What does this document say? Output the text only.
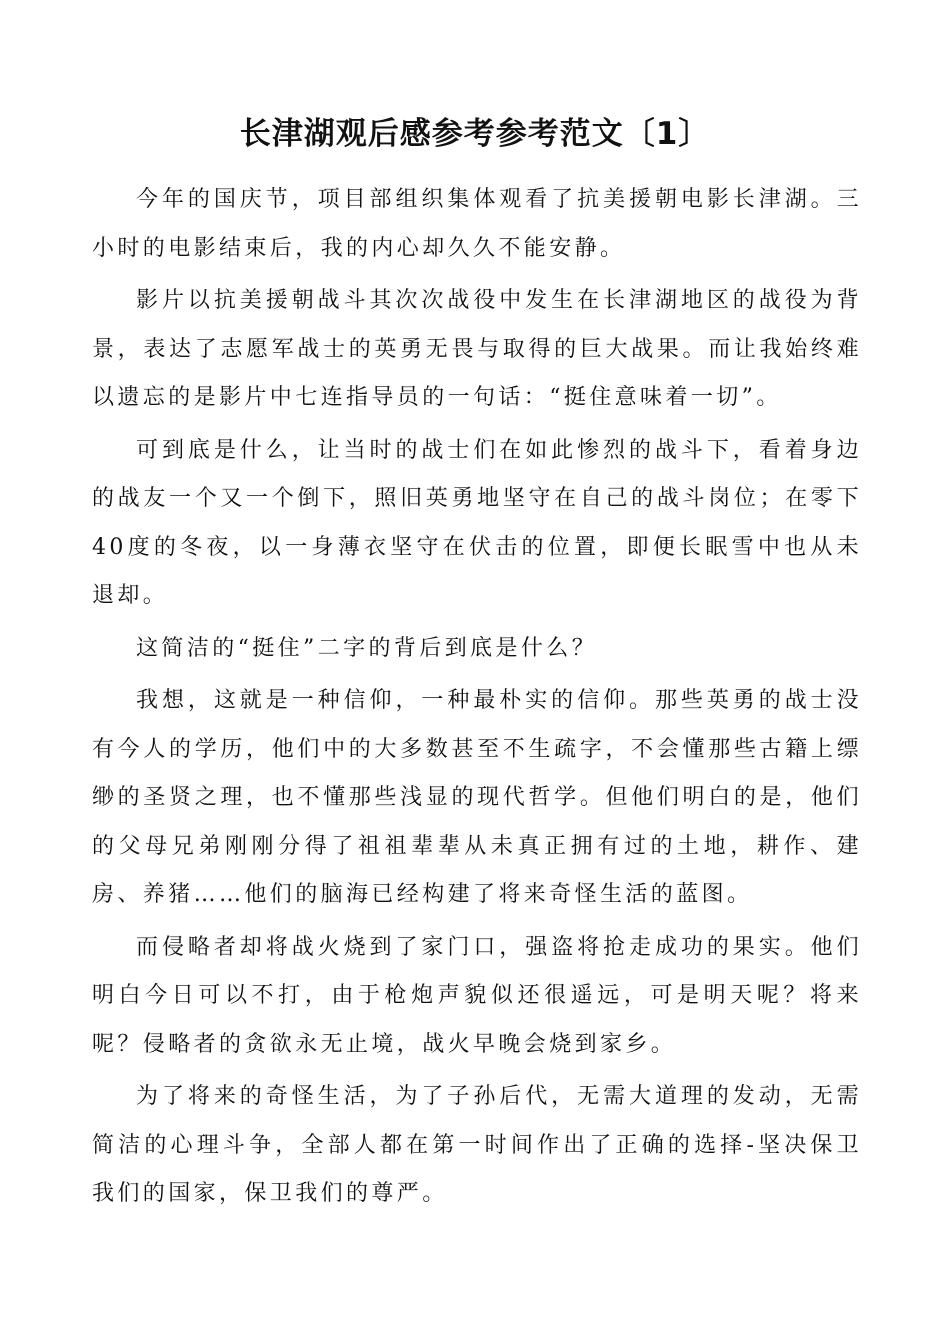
长津湖观后感参考参考范文〔1〕

今年的国庆节，项目部组织集体观看了抗美援朝电影长津湖。三小时的电影结束后，我的内心却久久不能安静。

影片以抗美援朝战斗其次次战役中发生在长津湖地区的战役为背景，表达了志愿军战士的英勇无畏与取得的巨大战果。而让我始终难以遗忘的是影片中七连指导员的一句话：“挺住意味着一切”。

可到底是什么，让当时的战士们在如此惨烈的战斗下，看着身边的战友一个又一个倒下，照旧英勇地坚守在自己的战斗岗位；在零下40度的冬夜，以一身薄衣坚守在伏击的位置，即便长眠雪中也从未退却。

这简洁的“挺住”二字的背后到底是什么？

我想，这就是一种信仰，一种最朴实的信仰。那些英勇的战士没有今人的学历，他们中的大多数甚至不生疏字，不会懂那些古籍上缥缈的圣贤之理，也不懂那些浅显的现代哲学。但他们明白的是，他们的父母兄弟刚刚分得了祖祖辈辈从未真正拥有过的土地，耕作、建房、养猪……他们的脑海已经构建了将来奇怪生活的蓝图。

而侵略者却将战火烧到了家门口，强盗将抢走成功的果实。他们明白今日可以不打，由于枪炮声貌似还很遥远，可是明天呢？将来呢？侵略者的贪欲永无止境，战火早晚会烧到家乡。

为了将来的奇怪生活，为了子孙后代，无需大道理的发动，无需简洁的心理斗争，全部人都在第一时间作出了正确的选择-坚决保卫我们的国家，保卫我们的尊严。
